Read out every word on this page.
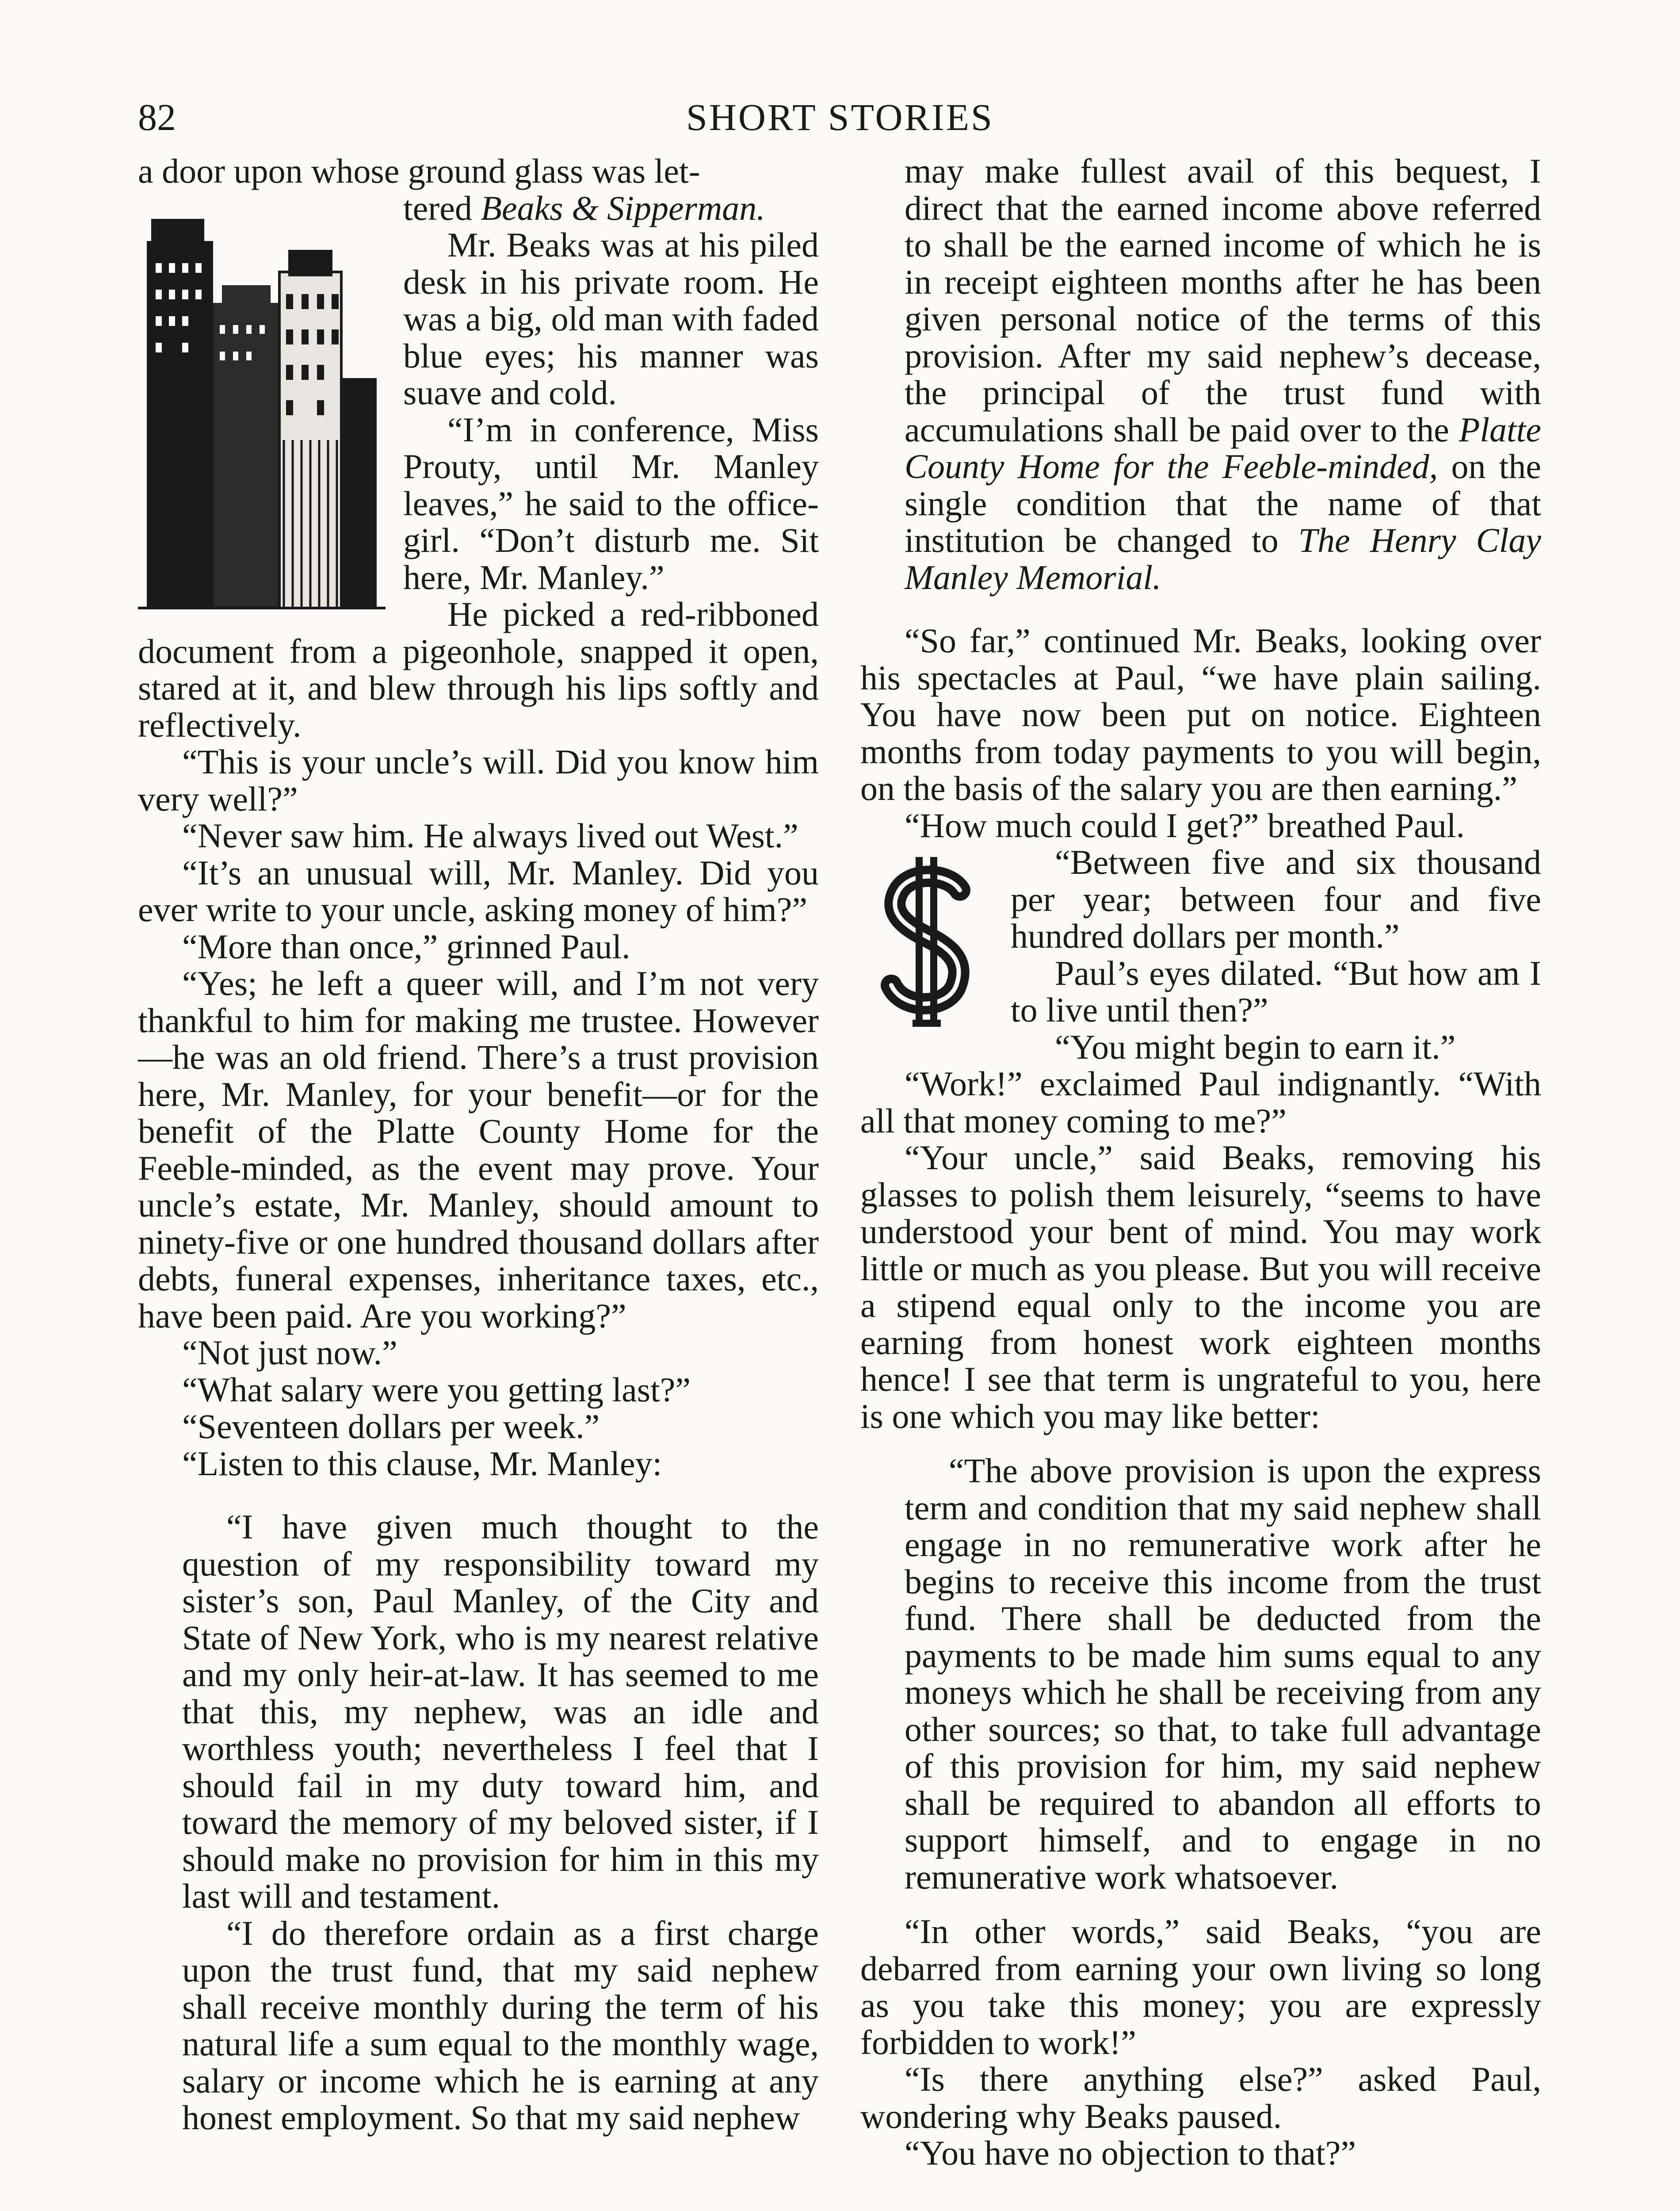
82	SHORT STORIES

a door upon whose ground glass was let-

tered Beaks & Sipperman.

Mr. Beaks was at his piled desk in his private room. He was a big, old man with faded blue eyes; his manner was suave and cold.

“I’m in conference, Miss Prouty, until Mr. Manley leaves,” he said to the office-girl. “Don’t disturb me. Sit here, Mr. Manley.”

He picked a red-ribboned document from a pigeonhole, snapped it open, stared at it, and blew through his lips softly and reflectively.

“This is your uncle’s will. Did you know him very well?”

“Never saw him. He always lived out West.”

“It’s an unusual will, Mr. Manley. Did you ever write to your uncle, asking money of him?”

“More than once,” grinned Paul.

“Yes; he left a queer will, and I’m not very thankful to him for making me trustee. However—he was an old friend. There’s a trust provision here, Mr. Manley, for your benefit—or for the benefit of the Platte County Home for the Feeble-minded, as the event may prove. Your uncle’s estate, Mr. Manley, should amount to ninety-five or one hundred thousand dollars after debts, funeral expenses, inheritance taxes, etc., have been paid. Are you working?”

“Not just now.”

“What salary were you getting last?”

“Seventeen dollars per week.”

“Listen to this clause, Mr. Manley:

“I have given much thought to the question of my responsibility toward my sister’s son, Paul Manley, of the City and State of New York, who is my nearest relative and my only heir-at-law. It has seemed to me that this, my nephew, was an idle and worthless youth; nevertheless I feel that I should fail in my duty toward him, and toward the memory of my beloved sister, if I should make no provision for him in this my last will and testament.

“I do therefore ordain as a first charge upon the trust fund, that my said nephew shall receive monthly during the term of his natural life a sum equal to the monthly wage, salary or income which he is earning at any honest employment. So that my said nephew

may make fullest avail of this bequest, I direct that the earned income above referred to shall be the earned income of which he is in receipt eighteen months after he has been given personal notice of the terms of this provision. After my said nephew’s decease, the principal of the trust fund with accumulations shall be paid over to the Platte County Home for the Feeble-minded, on the single condition that the name of that institution be changed to The Henry Clay Manley Memorial.

“So far,” continued Mr. Beaks, looking over his spectacles at Paul, “we have plain sailing. You have now been put on notice. Eighteen months from today payments to you will begin, on the basis of the salary you are then earning.”

“How much could I get?” breathed Paul.

“Between five and six thousand per year; between four and five hundred dollars per month.”

Paul’s eyes dilated. “But how am I to live until then?”

“You might begin to earn it.”

“Work!” exclaimed Paul indignantly. “With all that money coming to me?”

“Your uncle,” said Beaks, removing his glasses to polish them leisurely, “seems to have understood your bent of mind. You may work little or much as you please. But you will receive a stipend equal only to the income you are earning from honest work eighteen months hence! I see that term is ungrateful to you, here is one which you may like better:

“The above provision is upon the express term and condition that my said nephew shall engage in no remunerative work after he begins to receive this income from the trust fund. There shall be deducted from the payments to be made him sums equal to any moneys which he shall be receiving from any other sources; so that, to take full advantage of this provision for him, my said nephew shall be required to abandon all efforts to support himself, and to engage in no remunerative work whatsoever.

“In other words,” said Beaks, “you are debarred from earning your own living so long as you take this money; you are expressly forbidden to work!”

“Is there anything else?” asked Paul, wondering why Beaks paused.

“You have no objection to that?”
